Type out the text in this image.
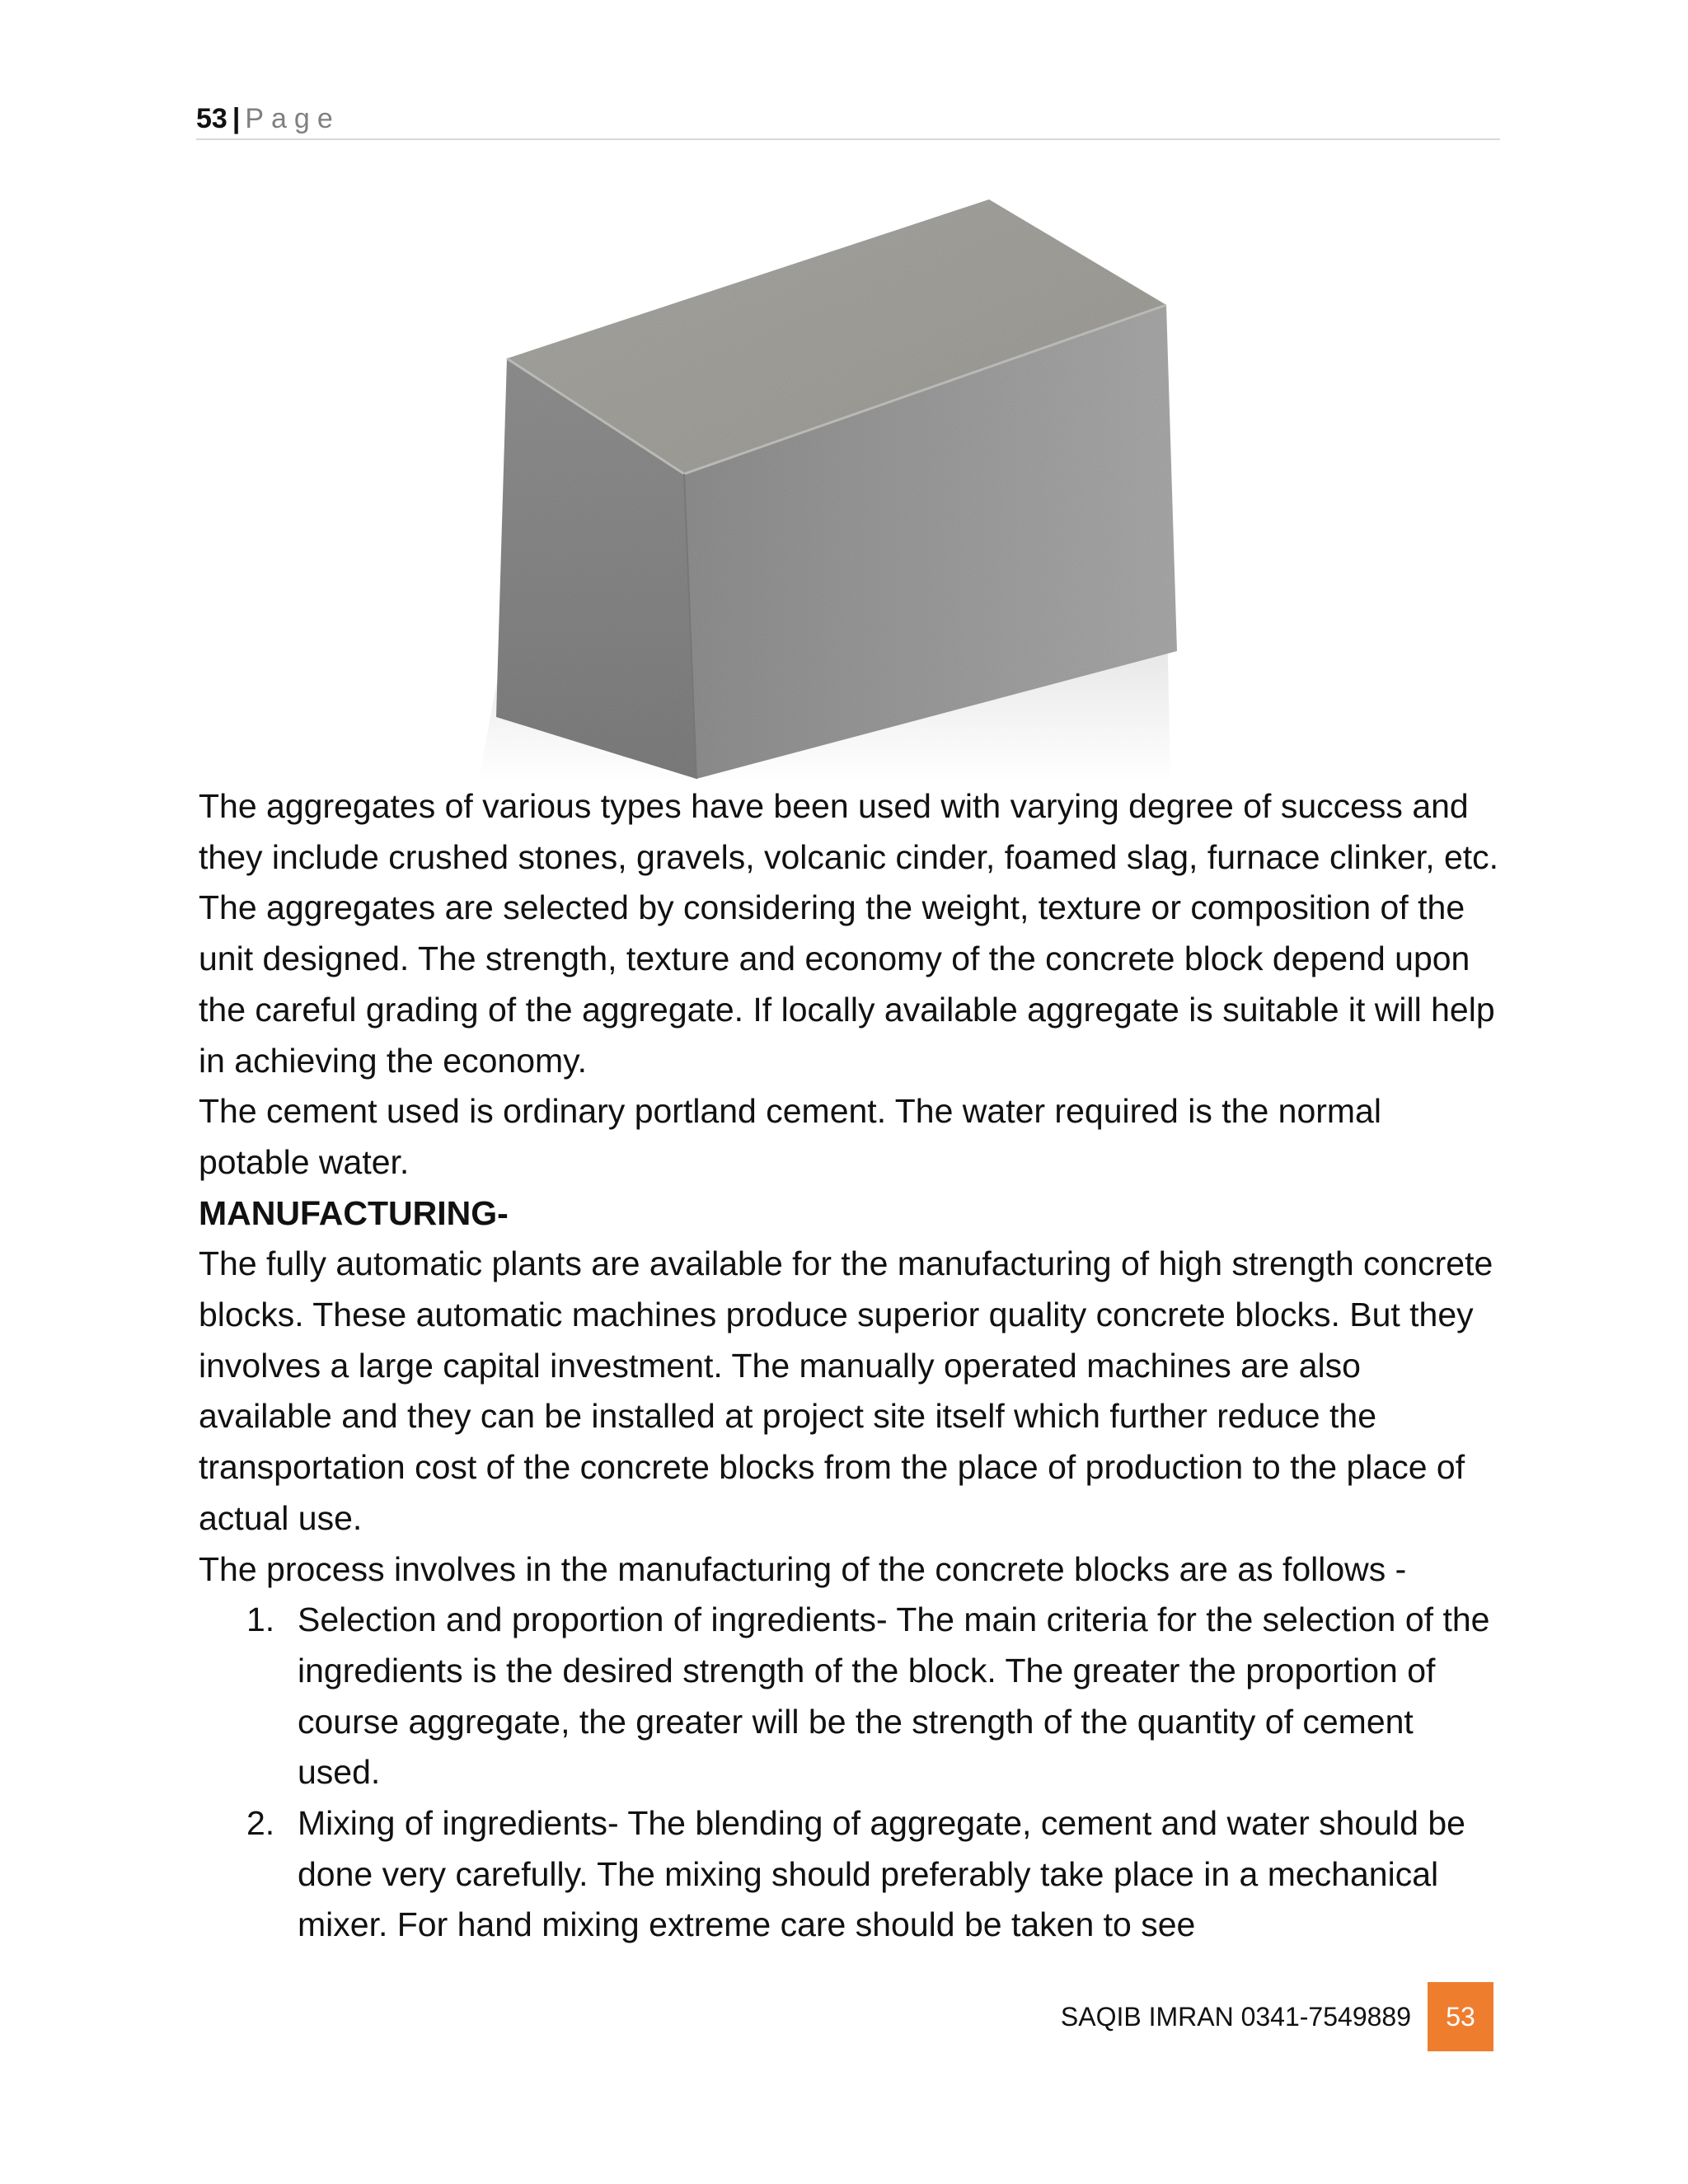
53 | Page

The aggregates of various types have been used with varying degree of success and they include crushed stones, gravels, volcanic cinder, foamed slag, furnace clinker, etc. The aggregates are selected by considering the weight, texture or composition of the unit designed. The strength, texture and economy of the concrete block depend upon the careful grading of the aggregate. If locally available aggregate is suitable it will help in achieving the economy.

The cement used is ordinary portland cement. The water required is the normal potable water.

MANUFACTURING-

The fully automatic plants are available for the manufacturing of high strength concrete blocks. These automatic machines produce superior quality concrete blocks. But they involves a large capital investment. The manually operated machines are also available and they can be installed at project site itself which further reduce the transportation cost of the concrete blocks from the place of production to the place of actual use.

The process involves in the manufacturing of the concrete blocks are as follows -

1. Selection and proportion of ingredients- The main criteria for the selection of the ingredients is the desired strength of the block. The greater the proportion of course aggregate, the greater will be the strength of the quantity of cement used.
2. Mixing of ingredients- The blending of aggregate, cement and water should be done very carefully. The mixing should preferably take place in a mechanical mixer. For hand mixing extreme care should be taken to see
SAQIB IMRAN 0341-7549889	53
